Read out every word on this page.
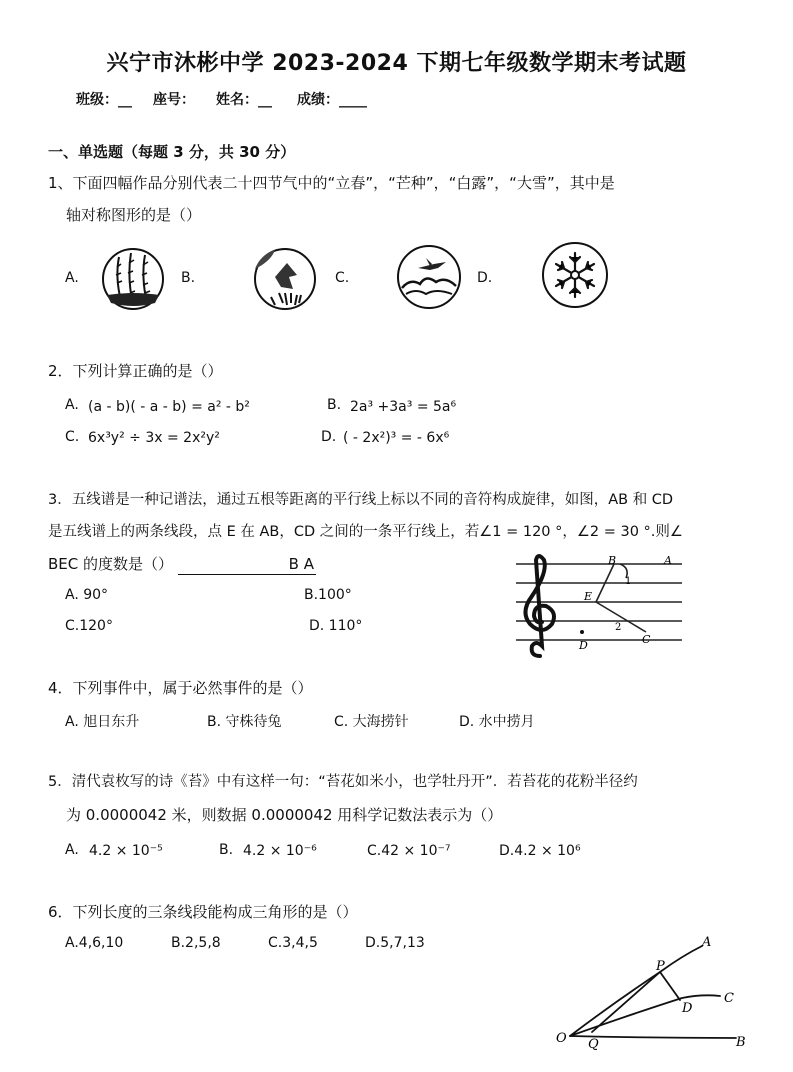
兴宁市沐彬中学 2023-2024 下期七年级数学期末考试题
班级：__ 座号： 姓名：__ 成绩：____
一、单选题（每题 3 分，共 30 分）
1、下面四幅作品分别代表二十四节气中的“立春”，“芒种”，“白露”，“大雪”，其中是
轴对称图形的是（）
A.	B.	C.	D.
2．下列计算正确的是（）
A. (a - b)( - a - b) = a² - b²	B. 2a³ +3a³ = 5a⁶
C. 6x³y² ÷ 3x = 2x²y²	D. ( - 2x²)³ = - 6x⁶
3．五线谱是一种记谱法，通过五根等距离的平行线上标以不同的音符构成旋律，如图，AB 和 CD
是五线谱上的两条线段，点 E 在 AB，CD 之间的一条平行线上，若∠1 = 120 °，∠2 = 30 °.则∠
BEC 的度数是（）	B A
A. 90°	B.100°
C.120°	D. 110°
B	A
1
E
2
C
D
4．下列事件中，属于必然事件的是（）
A. 旭日东升	B. 守株待兔	C. 大海捞针	D. 水中捞月
5．清代袁枚写的诗《苔》中有这样一句：“苔花如米小，也学牡丹开”．若苔花的花粉半径约
为 0.0000042 米，则数据 0.0000042 用科学记数法表示为（）
A. 4.2 × 10⁻⁵	B. 4.2 × 10⁻⁶	C.42 × 10⁻⁷	D.4.2 × 10⁶
6．下列长度的三条线段能构成三角形的是（）
A.4,6,10	B.2,5,8	C.3,4,5	D.5,7,13	A
P
C
D
O Q	B
